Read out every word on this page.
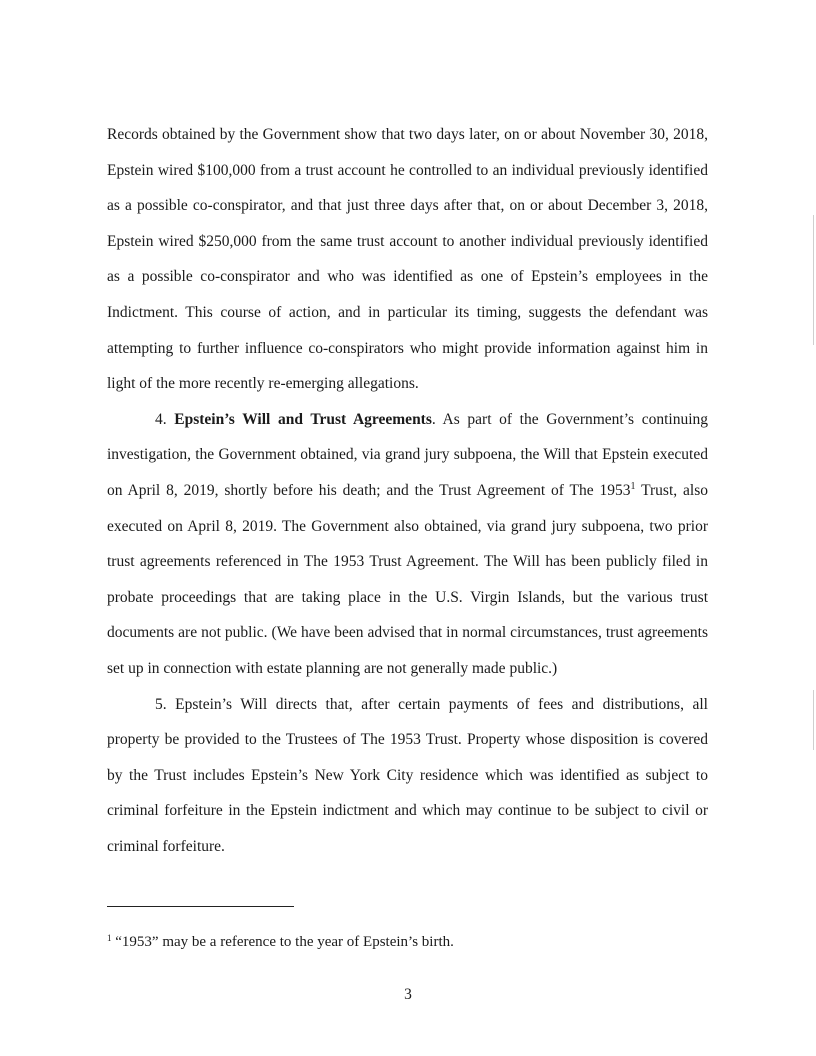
Records obtained by the Government show that two days later, on or about November 30, 2018, Epstein wired $100,000 from a trust account he controlled to an individual previously identified as a possible co-conspirator, and that just three days after that, on or about December 3, 2018, Epstein wired $250,000 from the same trust account to another individual previously identified as a possible co-conspirator and who was identified as one of Epstein’s employees in the Indictment. This course of action, and in particular its timing, suggests the defendant was attempting to further influence co-conspirators who might provide information against him in light of the more recently re-emerging allegations.

4. Epstein’s Will and Trust Agreements. As part of the Government’s continuing investigation, the Government obtained, via grand jury subpoena, the Will that Epstein executed on April 8, 2019, shortly before his death; and the Trust Agreement of The 1953$^1$ Trust, also executed on April 8, 2019. The Government also obtained, via grand jury subpoena, two prior trust agreements referenced in The 1953 Trust Agreement. The Will has been publicly filed in probate proceedings that are taking place in the U.S. Virgin Islands, but the various trust documents are not public. (We have been advised that in normal circumstances, trust agreements set up in connection with estate planning are not generally made public.)

5. Epstein’s Will directs that, after certain payments of fees and distributions, all property be provided to the Trustees of The 1953 Trust. Property whose disposition is covered by the Trust includes Epstein’s New York City residence which was identified as subject to criminal forfeiture in the Epstein indictment and which may continue to be subject to civil or criminal forfeiture.

$^1$ “1953” may be a reference to the year of Epstein’s birth.
3
